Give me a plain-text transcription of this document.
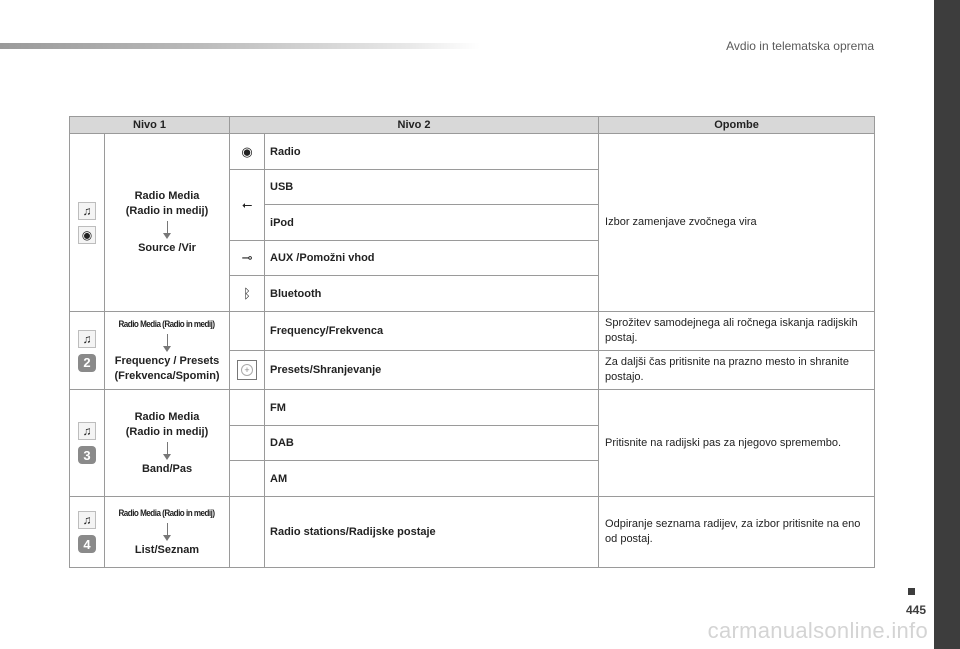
Avdio in telematska oprema
445
carmanualsonline.info
Nivo 1		Nivo 2		Opombe

♫
◉	Radio Media
(Radio in medij)
Source /Vir	◉	Radio	Izbor zamenjave zvočnega vira
		⭠	USB	
			iPod	
		⊸	AUX /Pomožni vhod	
		ᛒ	Bluetooth	

♫
2	Radio Media (Radio in medij)
Frequency / Presets
(Frekvenca/Spomin)		Frequency/Frekvenca	Sprožitev samodejnega ali ročnega iskanja radijskih postaj.

		+	Presets/Shranjevanje	Za daljši čas pritisnite na prazno mesto in shranite postajo.

♫
3	Radio Media
(Radio in medij)
Band/Pas		FM	Pritisnite na radijski pas za njegovo spremembo.
			DAB	
			AM	

♫
4	Radio Media (Radio in medij)
List/Seznam		Radio stations/Radijske postaje	Odpiranje seznama radijev, za izbor pritisnite na eno od postaj.
